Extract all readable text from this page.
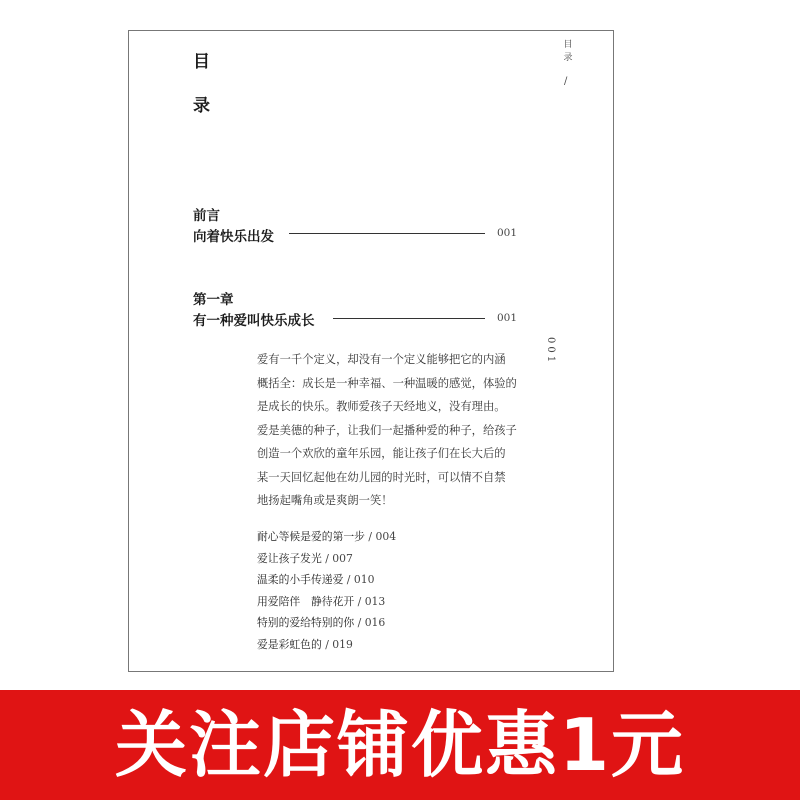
目
录
目
录
/
001
前言
向着快乐出发	001
第一章
有一种爱叫快乐成长	001
爱有一千个定义，却没有一个定义能够把它的内涵
概括全：成长是一种幸福、一种温暖的感觉，体验的
是成长的快乐。教师爱孩子天经地义，没有理由。
爱是美德的种子，让我们一起播种爱的种子，给孩子
创造一个欢欣的童年乐园，能让孩子们在长大后的
某一天回忆起他在幼儿园的时光时，可以情不自禁
地扬起嘴角或是爽朗一笑！
耐心等候是爱的第一步 / 004
爱让孩子发光 / 007
温柔的小手传递爱 / 010
用爱陪伴　静待花开 / 013
特别的爱给特别的你 / 016
爱是彩虹色的 / 019
关注店铺优惠1元
